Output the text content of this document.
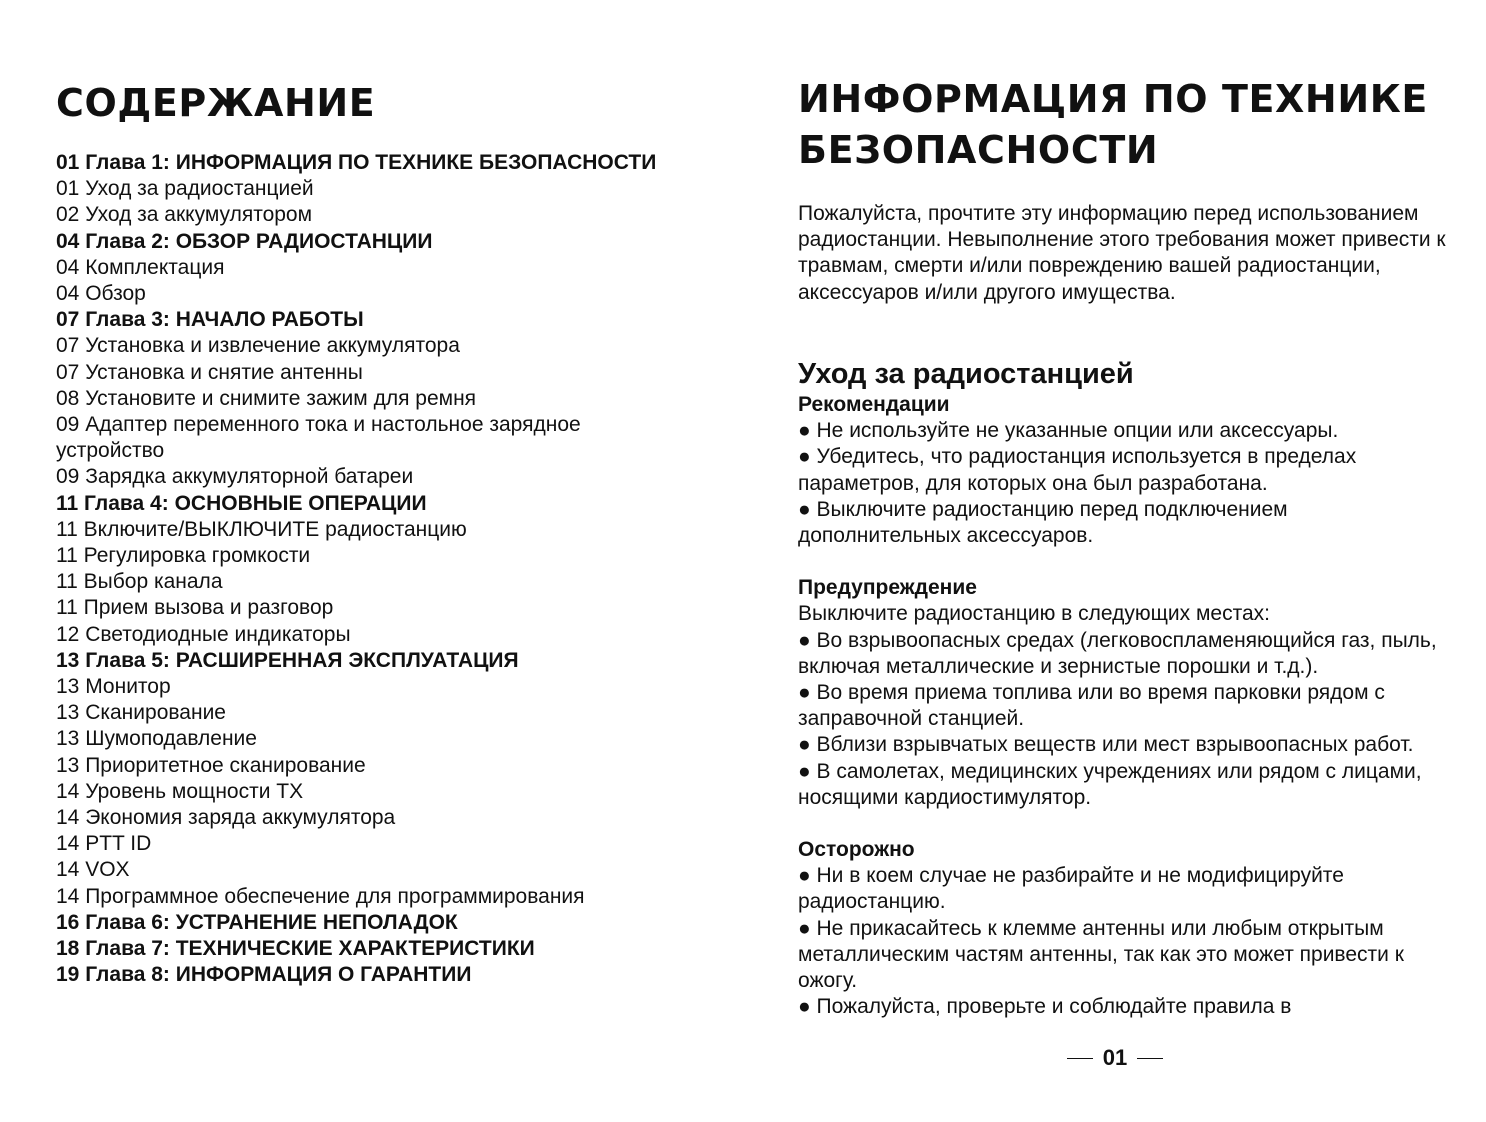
СОДЕРЖАНИЕ
01 Глава 1: ИНФОРМАЦИЯ ПО ТЕХНИКЕ БЕЗОПАСНОСТИ
01 Уход за радиостанцией
02 Уход за аккумулятором
04 Глава 2: ОБЗОР РАДИОСТАНЦИИ
04 Комплектация
04 Обзор
07 Глава 3: НАЧАЛО РАБОТЫ
07 Установка и извлечение аккумулятора
07 Установка и снятие антенны
08 Установите и снимите зажим для ремня
09 Адаптер переменного тока и настольное зарядное устройство
09 Зарядка аккумуляторной батареи
11 Глава 4: ОСНОВНЫЕ ОПЕРАЦИИ
11 Включите/ВЫКЛЮЧИТЕ радиостанцию
11 Регулировка громкости
11 Выбор канала
11 Прием вызова и разговор
12 Светодиодные индикаторы
13 Глава 5: РАСШИРЕННАЯ ЭКСПЛУАТАЦИЯ
13 Монитор
13 Сканирование
13 Шумоподавление
13 Приоритетное сканирование
14 Уровень мощности TX
14 Экономия заряда аккумулятора
14 PTT ID
14 VOX
14 Программное обеспечение для программирования
16 Глава 6: УСТРАНЕНИЕ НЕПОЛАДОК
18 Глава 7: ТЕХНИЧЕСКИЕ ХАРАКТЕРИСТИКИ
19 Глава 8: ИНФОРМАЦИЯ О ГАРАНТИИ
ИНФОРМАЦИЯ ПО ТЕХНИКЕ БЕЗОПАСНОСТИ

Пожалуйста, прочтите эту информацию перед использованием радиостанции. Невыполнение этого требования может привести к травмам, смерти и/или повреждению вашей радиостанции, аксессуаров и/или другого имущества.

Уход за радиостанцией
Рекомендации

● Не используйте не указанные опции или аксессуары.

● Убедитесь, что радиостанция используется в пределах параметров, для которых она был разработана.

● Выключите радиостанцию перед подключением дополнительных аксессуаров.

Предупреждение

Выключите радиостанцию в следующих местах:

● Во взрывоопасных средах (легковоспламеняющийся газ, пыль, включая металлические и зернистые порошки и т.д.).

● Во время приема топлива или во время парковки рядом с заправочной станцией.

● Вблизи взрывчатых веществ или мест взрывоопасных работ.

● В самолетах, медицинских учреждениях или рядом с лицами, носящими кардиостимулятор.

Осторожно

● Ни в коем случае не разбирайте и не модифицируйте радиостанцию.

● Не прикасайтесь к клемме антенны или любым открытым металлическим частям антенны, так как это может привести к ожогу.

● Пожалуйста, проверьте и соблюдайте правила в

01
